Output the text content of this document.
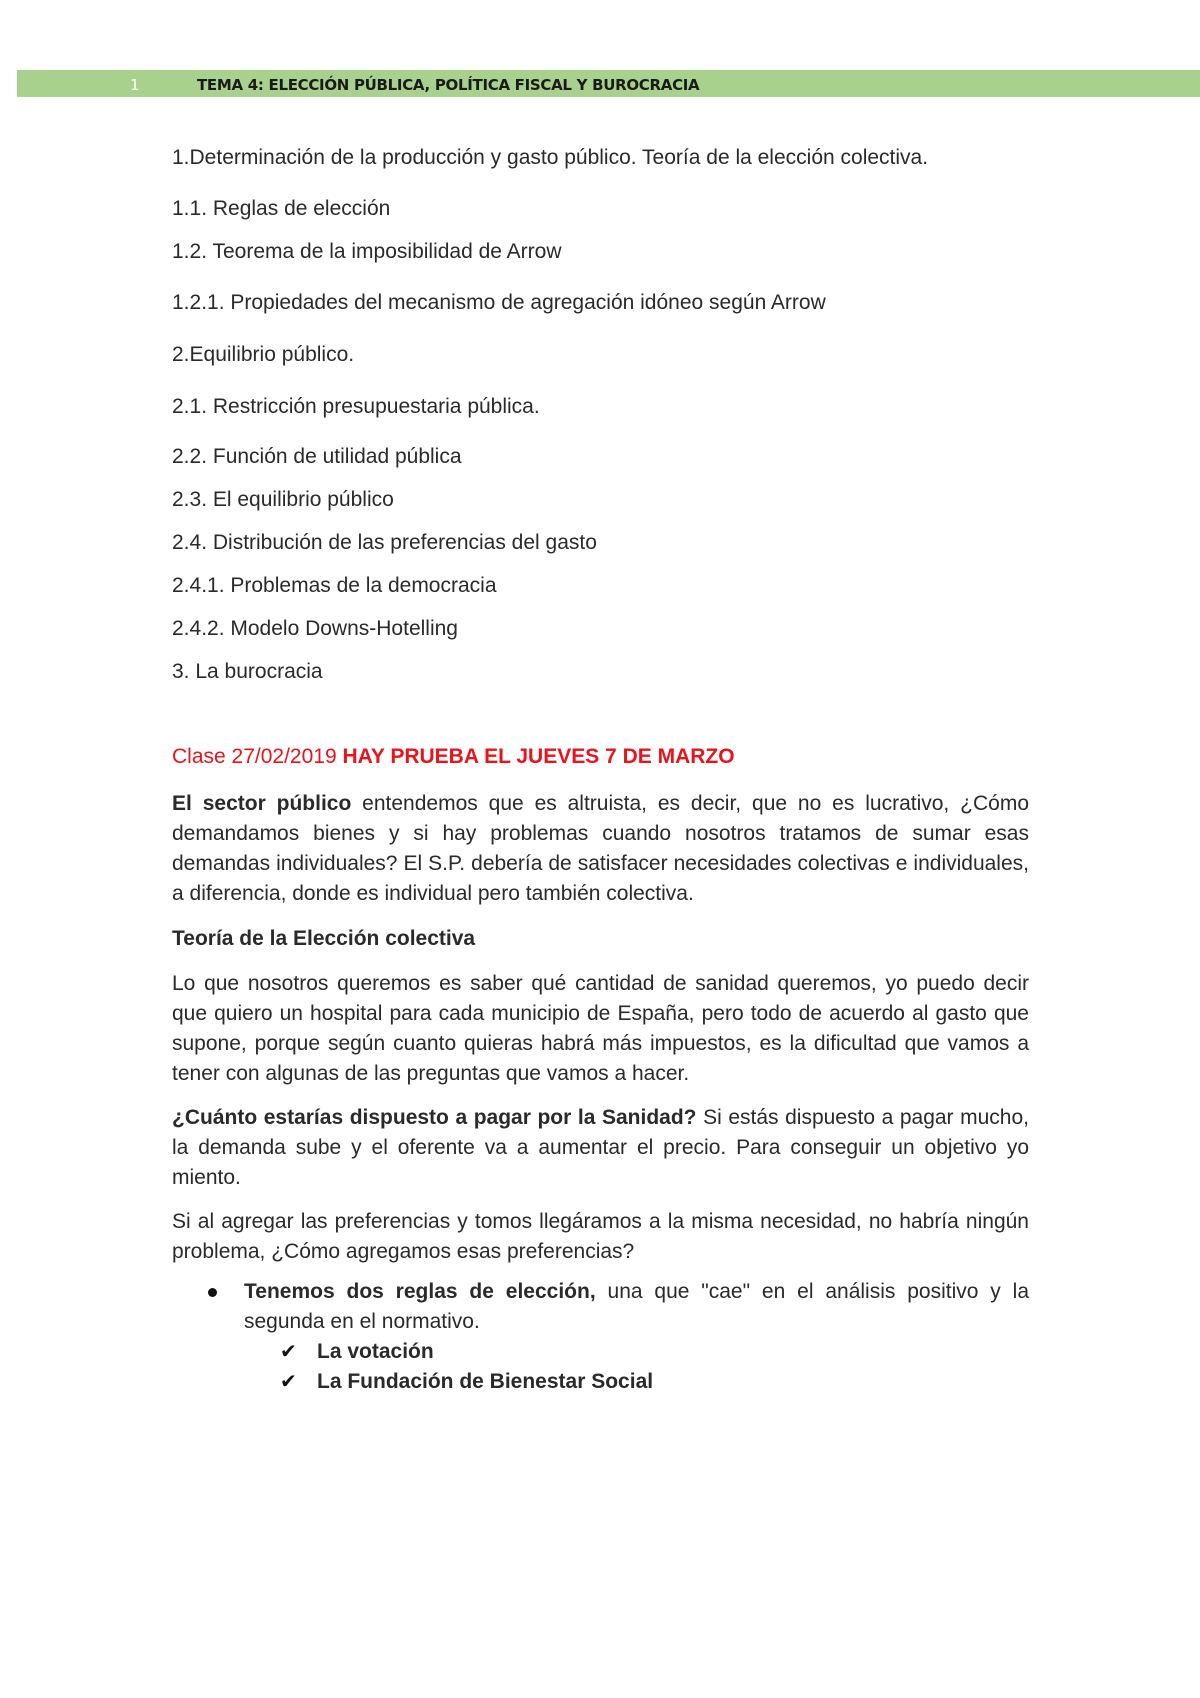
1	TEMA 4: ELECCIÓN PÚBLICA, POLÍTICA FISCAL Y BUROCRACIA

1.Determinación de la producción y gasto público. Teoría de la elección colectiva.

1.1. Reglas de elección

1.2. Teorema de la imposibilidad de Arrow

1.2.1. Propiedades del mecanismo de agregación idóneo según Arrow

2.Equilibrio público.

2.1. Restricción presupuestaria pública.

2.2. Función de utilidad pública

2.3. El equilibrio público

2.4. Distribución de las preferencias del gasto

2.4.1. Problemas de la democracia

2.4.2. Modelo Downs-Hotelling

3. La burocracia

Clase 27/02/2019 HAY PRUEBA EL JUEVES 7 DE MARZO

El sector público entendemos que es altruista, es decir, que no es lucrativo, ¿Cómo demandamos bienes y si hay problemas cuando nosotros tratamos de sumar esas demandas individuales? El S.P. debería de satisfacer necesidades colectivas e individuales, a diferencia, donde es individual pero también colectiva.

Teoría de la Elección colectiva

Lo que nosotros queremos es saber qué cantidad de sanidad queremos, yo puedo decir que quiero un hospital para cada municipio de España, pero todo de acuerdo al gasto que supone, porque según cuanto quieras habrá más impuestos, es la dificultad que vamos a tener con algunas de las preguntas que vamos a hacer.

¿Cuánto estarías dispuesto a pagar por la Sanidad? Si estás dispuesto a pagar mucho, la demanda sube y el oferente va a aumentar el precio. Para conseguir un objetivo yo miento.

Si al agregar las preferencias y tomos llegáramos a la misma necesidad, no habría ningún problema, ¿Cómo agregamos esas preferencias?

Tenemos dos reglas de elección, una que "cae" en el análisis positivo y la segunda en el normativo.
✔ La votación
✔ La Fundación de Bienestar Social
